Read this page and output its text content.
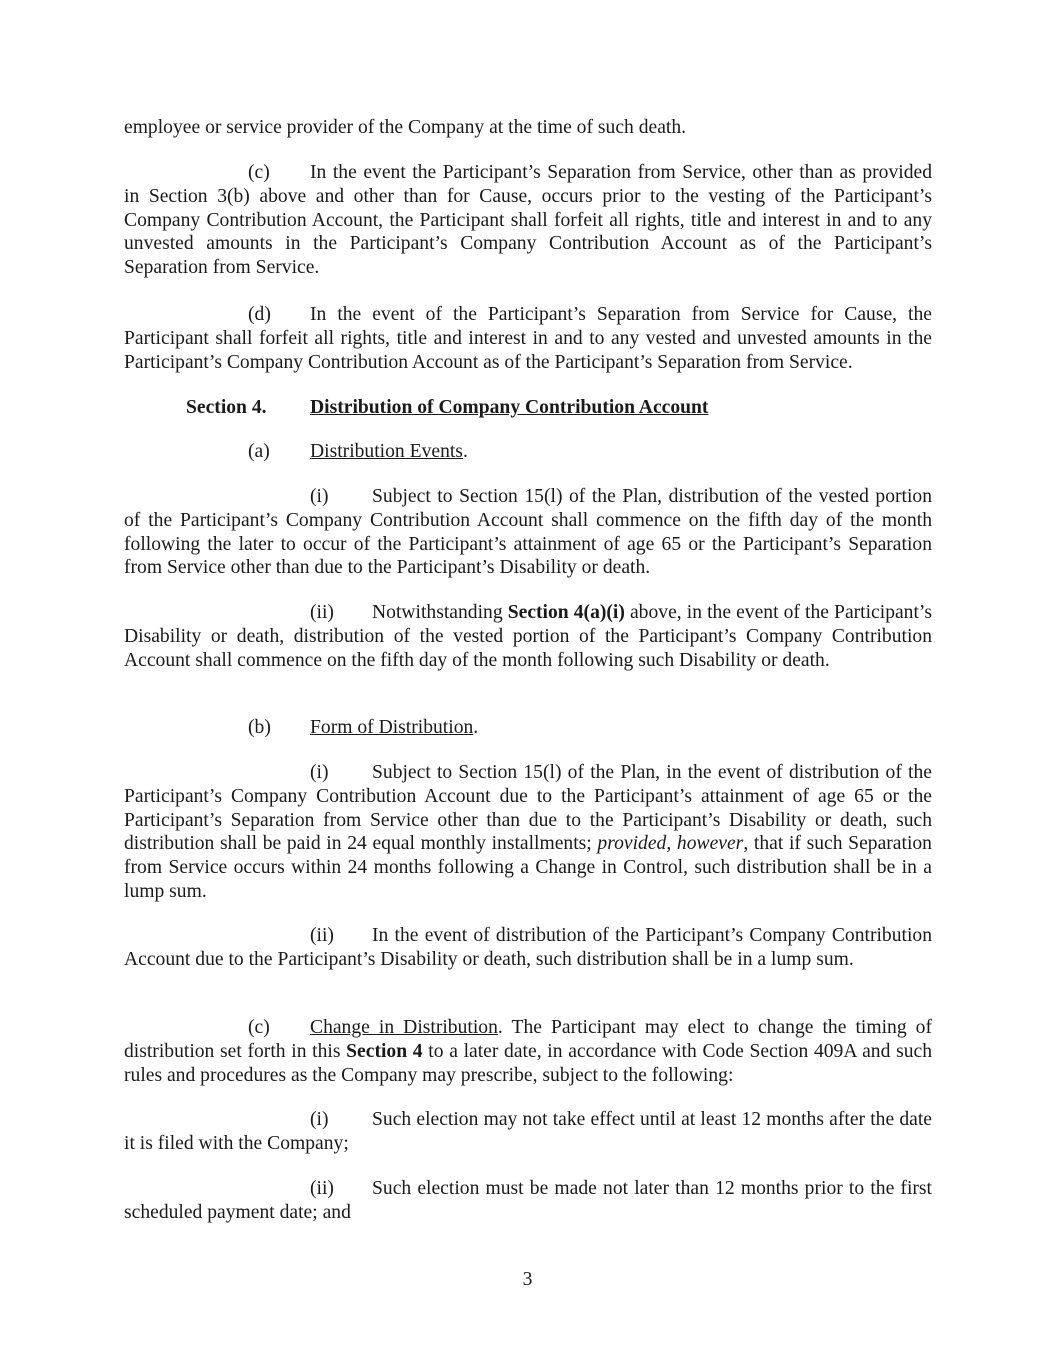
employee or service provider of the Company at the time of such death.

(c) In the event the Participant’s Separation from Service, other than as provided in Section 3(b) above and other than for Cause, occurs prior to the vesting of the Participant’s Company Contribution Account, the Participant shall forfeit all rights, title and interest in and to any unvested amounts in the Participant’s Company Contribution Account as of the Participant’s Separation from Service.

(d) In the event of the Participant’s Separation from Service for Cause, the Participant shall forfeit all rights, title and interest in and to any vested and unvested amounts in the Participant’s Company Contribution Account as of the Participant’s Separation from Service.

Section 4. Distribution of Company Contribution Account

(a) Distribution Events.

(i) Subject to Section 15(l) of the Plan, distribution of the vested portion of the Participant’s Company Contribution Account shall commence on the fifth day of the month following the later to occur of the Participant’s attainment of age 65 or the Participant’s Separation from Service other than due to the Participant’s Disability or death.

(ii) Notwithstanding Section 4(a)(i) above, in the event of the Participant’s Disability or death, distribution of the vested portion of the Participant’s Company Contribution Account shall commence on the fifth day of the month following such Disability or death.

(b) Form of Distribution.

(i) Subject to Section 15(l) of the Plan, in the event of distribution of the Participant’s Company Contribution Account due to the Participant’s attainment of age 65 or the Participant’s Separation from Service other than due to the Participant’s Disability or death, such distribution shall be paid in 24 equal monthly installments; provided, however, that if such Separation from Service occurs within 24 months following a Change in Control, such distribution shall be in a lump sum.

(ii) In the event of distribution of the Participant’s Company Contribution Account due to the Participant’s Disability or death, such distribution shall be in a lump sum.

(c) Change in Distribution. The Participant may elect to change the timing of distribution set forth in this Section 4 to a later date, in accordance with Code Section 409A and such rules and procedures as the Company may prescribe, subject to the following:

(i) Such election may not take effect until at least 12 months after the date it is filed with the Company;

(ii) Such election must be made not later than 12 months prior to the first scheduled payment date; and

3
